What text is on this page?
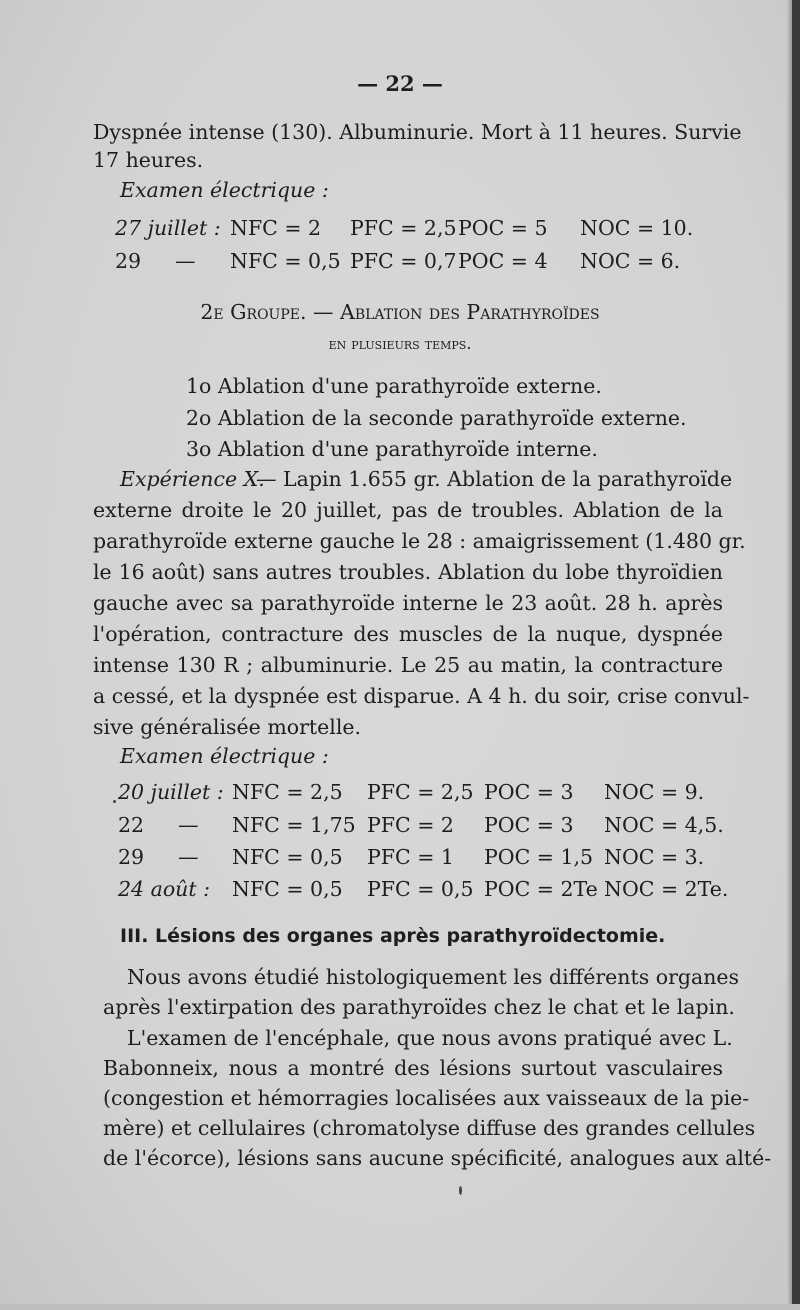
— 22 —
Dyspnée intense (130). Albuminurie. Mort à 11 heures. Survie
17 heures.
Examen électrique :
27 juillet : NFC = 2 PFC = 2,5 POC = 5 NOC = 10.
29 — NFC = 0,5 PFC = 0,7 POC = 4 NOC = 6.
2e Groupe. — Ablation des Parathyroïdes
en plusieurs temps.
1o Ablation d'une parathyroïde externe.
2o Ablation de la seconde parathyroïde externe.
3o Ablation d'une parathyroïde interne.
Expérience X.
— Lapin 1.655 gr. Ablation de la parathyroïde
externe droite le 20 juillet, pas de troubles. Ablation de la
parathyroïde externe gauche le 28 : amaigrissement (1.480 gr.
le 16 août) sans autres troubles. Ablation du lobe thyroïdien
gauche avec sa parathyroïde interne le 23 août. 28 h. après
l'opération, contracture des muscles de la nuque, dyspnée
intense 130 R ; albuminurie. Le 25 au matin, la contracture
a cessé, et la dyspnée est disparue. A 4 h. du soir, crise convul-
sive généralisée mortelle.
Examen électrique :
20 juillet : NFC = 2,5 PFC = 2,5 POC = 3 NOC = 9.
22 — NFC = 1,75 PFC = 2 POC = 3 NOC = 4,5.
29 — NFC = 0,5 PFC = 1 POC = 1,5 NOC = 3.
24 août : NFC = 0,5 PFC = 0,5 POC = 2Te NOC = 2Te.
III. Lésions des organes après parathyroïdectomie.
Nous avons étudié histologiquement les différents organes
après l'extirpation des parathyroïdes chez le chat et le lapin.
L'examen de l'encéphale, que nous avons pratiqué avec L.
Babonneix, nous a montré des lésions surtout vasculaires
(congestion et hémorragies localisées aux vaisseaux de la pie-
mère) et cellulaires (chromatolyse diffuse des grandes cellules
de l'écorce), lésions sans aucune spécificité, analogues aux alté-
